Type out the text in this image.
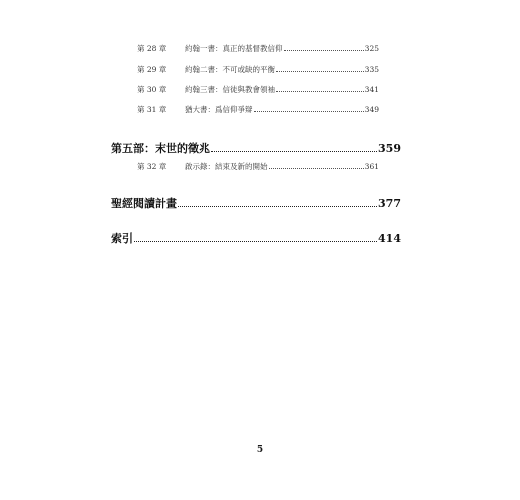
第 28 章	約翰一書：真正的基督教信仰	325
第 29 章	約翰二書：不可或缺的平衡	335
第 30 章	約翰三書：信徒與教會領袖	341
第 31 章	猶大書：爲信仰爭辯	349
第五部：末世的徵兆	359
第 32 章	啟示錄：結束及新的開始	361
聖經閱讀計畫	377
索引	414
5
